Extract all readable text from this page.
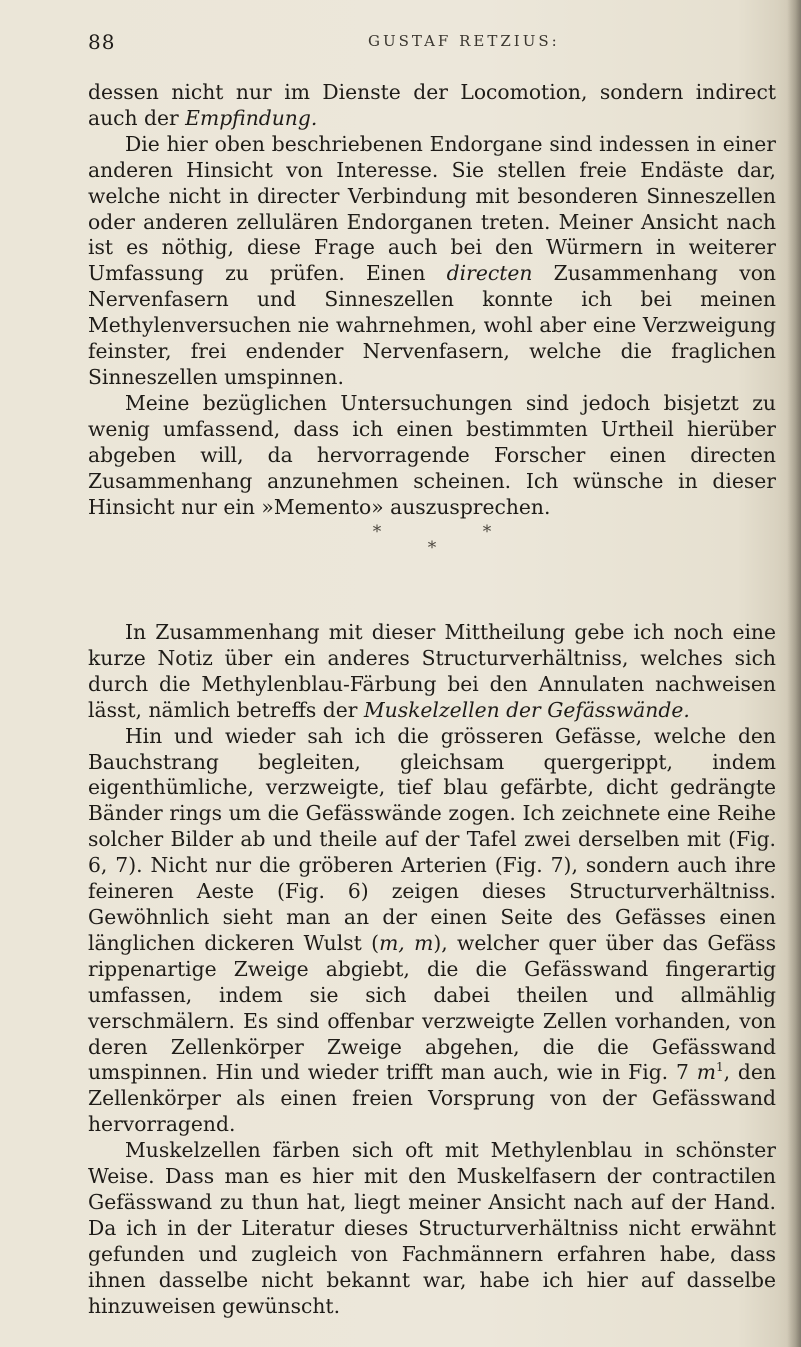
88	GUSTAF RETZIUS:

dessen nicht nur im Dienste der Locomotion, sondern indirect auch der Empfindung.

Die hier oben beschriebenen Endorgane sind indessen in einer anderen Hinsicht von Interesse. Sie stellen freie Endäste dar, welche nicht in directer Verbindung mit besonderen Sinneszellen oder anderen zellulären Endorganen treten. Meiner Ansicht nach ist es nöthig, diese Frage auch bei den Würmern in weiterer Umfassung zu prüfen. Einen directen Zusammenhang von Nervenfasern und Sinneszellen konnte ich bei meinen Methylenversuchen nie wahrnehmen, wohl aber eine Verzweigung feinster, frei endender Nervenfasern, welche die fraglichen Sinneszellen umspinnen.

Meine bezüglichen Untersuchungen sind jedoch bisjetzt zu wenig umfassend, dass ich einen bestimmten Urtheil hierüber abgeben will, da hervorragende Forscher einen directen Zusammenhang anzunehmen scheinen. Ich wünsche in dieser Hinsicht nur ein »Memento» auszusprechen.

*	*
*

In Zusammenhang mit dieser Mittheilung gebe ich noch eine kurze Notiz über ein anderes Structurverhältniss, welches sich durch die Methylenblau-Färbung bei den Annulaten nachweisen lässt, nämlich betreffs der Muskelzellen der Gefässwände.

Hin und wieder sah ich die grösseren Gefässe, welche den Bauchstrang begleiten, gleichsam quergerippt, indem eigenthümliche, verzweigte, tief blau gefärbte, dicht gedrängte Bänder rings um die Gefässwände zogen. Ich zeichnete eine Reihe solcher Bilder ab und theile auf der Tafel zwei derselben mit (Fig. 6, 7). Nicht nur die gröberen Arterien (Fig. 7), sondern auch ihre feineren Aeste (Fig. 6) zeigen dieses Structurverhältniss. Gewöhnlich sieht man an der einen Seite des Gefässes einen länglichen dickeren Wulst (m, m), welcher quer über das Gefäss rippenartige Zweige abgiebt, die die Gefässwand fingerartig umfassen, indem sie sich dabei theilen und allmählig verschmälern. Es sind offenbar verzweigte Zellen vorhanden, von deren Zellenkörper Zweige abgehen, die die Gefässwand umspinnen. Hin und wieder trifft man auch, wie in Fig. 7 $m^1$, den Zellenkörper als einen freien Vorsprung von der Gefässwand hervorragend.

Muskelzellen färben sich oft mit Methylenblau in schönster Weise. Dass man es hier mit den Muskelfasern der contractilen Gefässwand zu thun hat, liegt meiner Ansicht nach auf der Hand. Da ich in der Literatur dieses Structurverhältniss nicht erwähnt gefunden und zugleich von Fachmännern erfahren habe, dass ihnen dasselbe nicht bekannt war, habe ich hier auf dasselbe hinzuweisen gewünscht.
